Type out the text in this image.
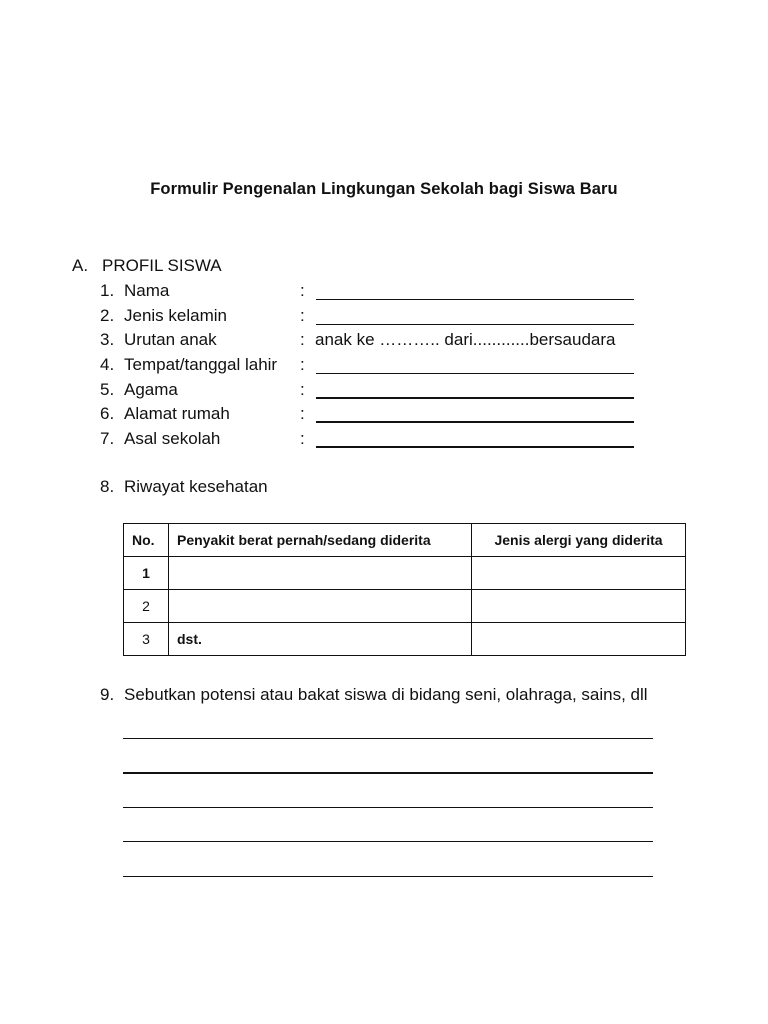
Formulir Pengenalan Lingkungan Sekolah bagi Siswa Baru
A. PROFIL SISWA
1. Nama	:
2. Jenis kelamin	:
3. Urutan anak	: anak ke ……….. dari............bersaudara
4. Tempat/tanggal lahir :
5. Agama	:
6. Alamat rumah	:
7. Asal sekolah	:
8. Riwayat kesehatan
No.	Penyakit berat pernah/sedang diderita	Jenis alergi yang diderita
1		
2		
3	dst.	
9. Sebutkan potensi atau bakat siswa di bidang seni, olahraga, sains, dll
